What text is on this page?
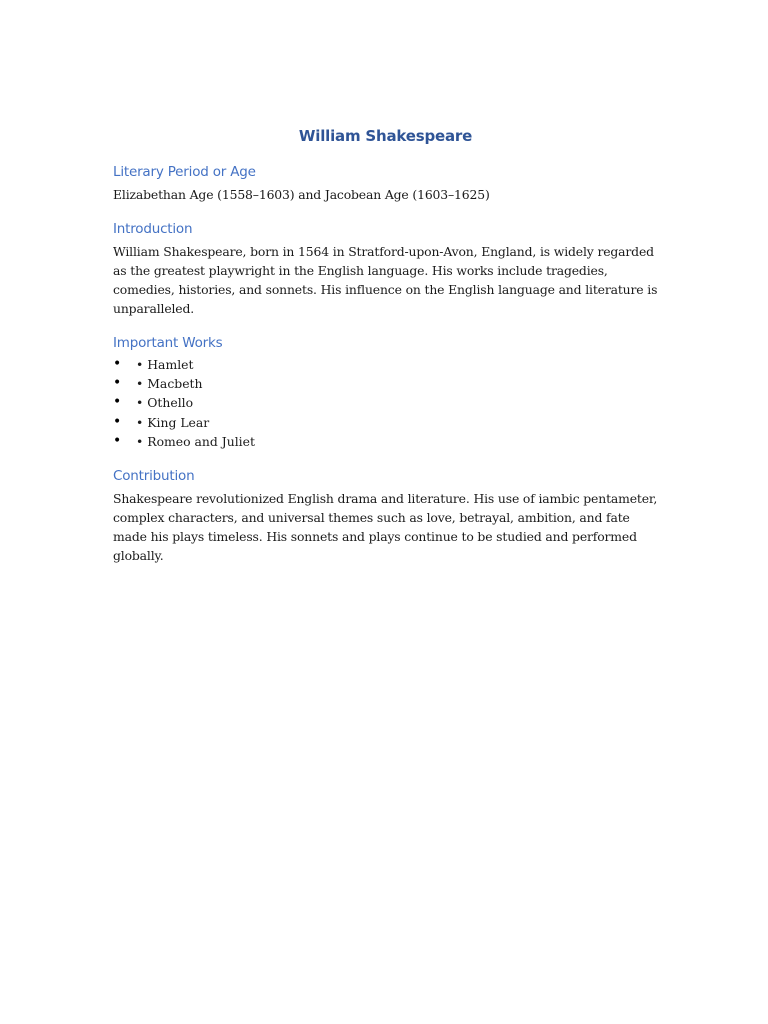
William Shakespeare
Literary Period or Age

Elizabethan Age (1558–1603) and Jacobean Age (1603–1625)

Introduction

William Shakespeare, born in 1564 in Stratford-upon-Avon, England, is widely regarded as the greatest playwright in the English language. His works include tragedies, comedies, histories, and sonnets. His influence on the English language and literature is unparalleled.

Important Works
• • Hamlet
• • Macbeth
• • Othello
• • King Lear
• • Romeo and Juliet
Contribution

Shakespeare revolutionized English drama and literature. His use of iambic pentameter, complex characters, and universal themes such as love, betrayal, ambition, and fate made his plays timeless. His sonnets and plays continue to be studied and performed globally.
